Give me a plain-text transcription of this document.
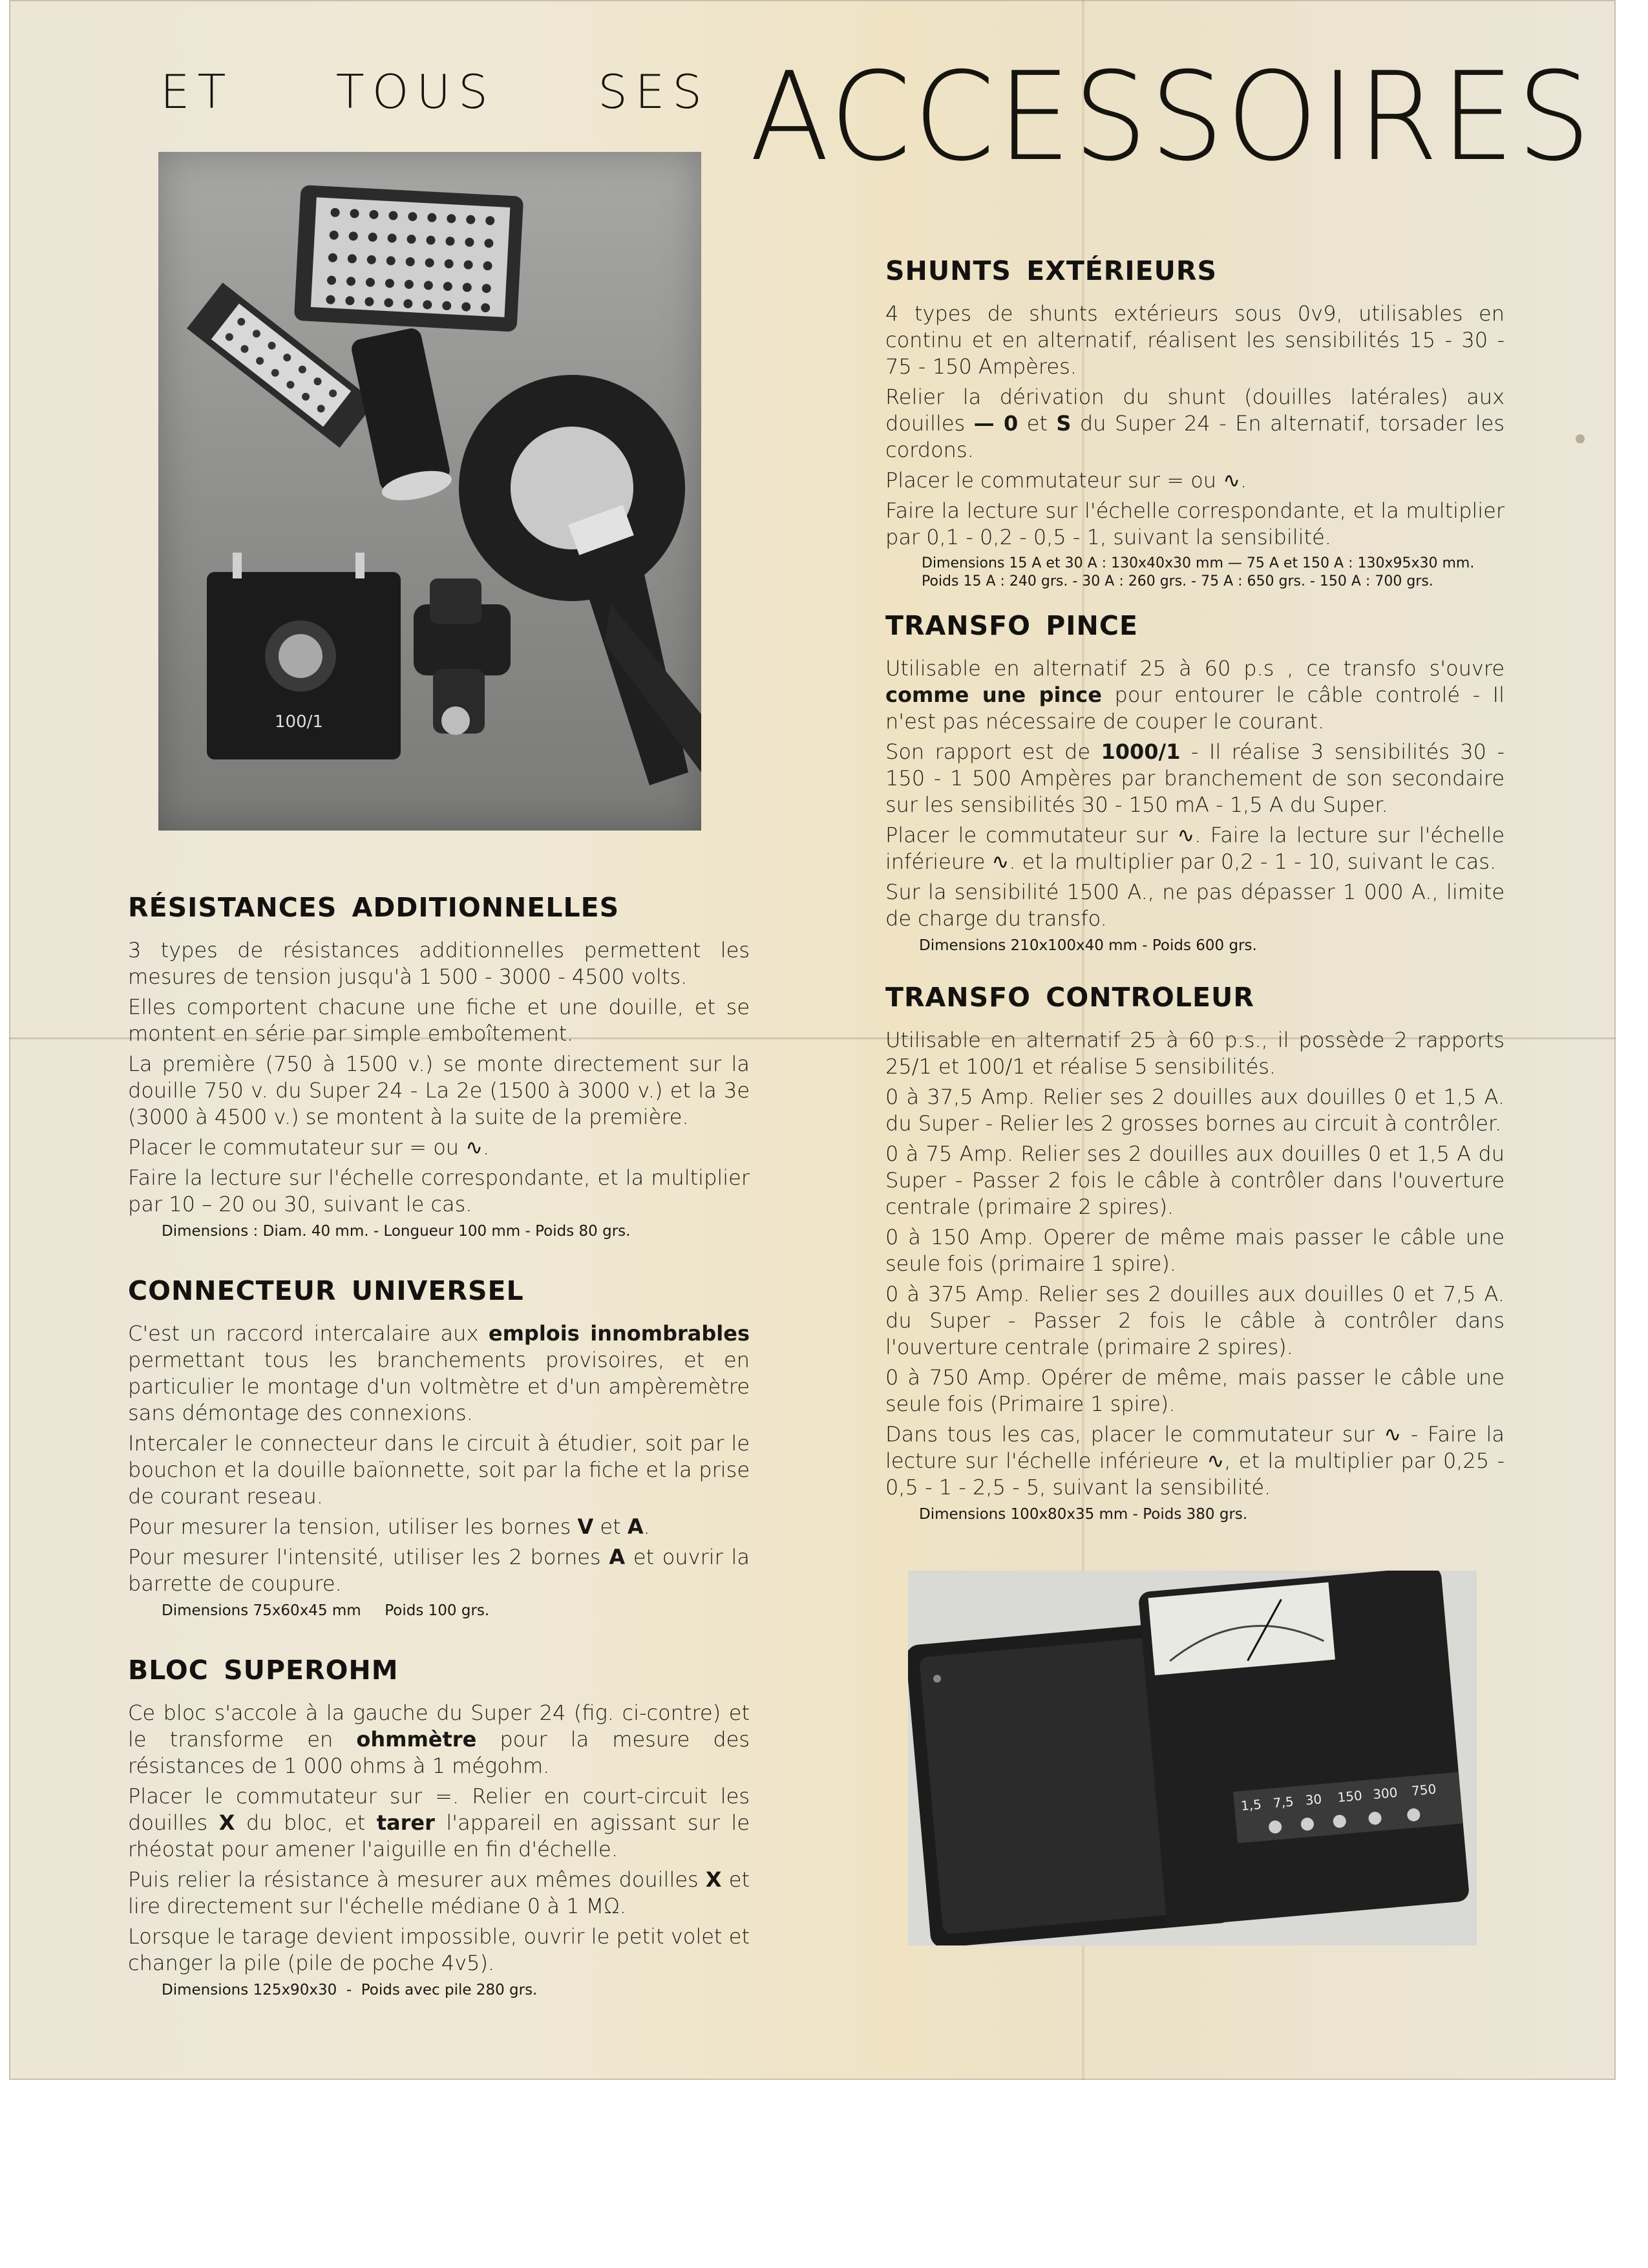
ET TOUS SES ACCESSOIRES
100/1
1,5 7,5 30 150 300 750
RÉSISTANCES ADDITIONNELLES

3 types de résistances additionnelles permettent les mesures de tension jusqu'à 1 500 - 3000 - 4500 volts.

Elles comportent chacune une fiche et une douille, et se montent en série par simple emboîtement.

La première (750 à 1500 v.) se monte directement sur la douille 750 v. du Super 24 - La 2e (1500 à 3000 v.) et la 3e (3000 à 4500 v.) se montent à la suite de la première.

Placer le commutateur sur = ou ∿.

Faire la lecture sur l'échelle correspondante, et la multiplier par 10 – 20 ou 30, suivant le cas.

Dimensions : Diam. 40 mm. - Longueur 100 mm - Poids 80 grs.
CONNECTEUR UNIVERSEL

C'est un raccord intercalaire aux emplois innombrables permettant tous les branchements provisoires, et en particulier le montage d'un voltmètre et d'un ampèremètre sans démontage des connexions.

Intercaler le connecteur dans le circuit à étudier, soit par le bouchon et la douille baïonnette, soit par la fiche et la prise de courant reseau.

Pour mesurer la tension, utiliser les bornes V et A.

Pour mesurer l'intensité, utiliser les 2 bornes A et ouvrir la barrette de coupure.

Dimensions 75x60x45 mm     Poids 100 grs.
BLOC SUPEROHM

Ce bloc s'accole à la gauche du Super 24 (fig. ci-contre) et le transforme en ohmmètre pour la mesure des résistances de 1 000 ohms à 1 mégohm.

Placer le commutateur sur =. Relier en court-circuit les douilles X du bloc, et tarer l'appareil en agissant sur le rhéostat pour amener l'aiguille en fin d'échelle.

Puis relier la résistance à mesurer aux mêmes douilles X et lire directement sur l'échelle médiane 0 à 1 MΩ.

Lorsque le tarage devient impossible, ouvrir le petit volet et changer la pile (pile de poche 4v5).

Dimensions 125x90x30  -  Poids avec pile 280 grs.
SHUNTS EXTÉRIEURS

4 types de shunts extérieurs sous 0v9, utilisables en continu et en alternatif, réalisent les sensibilités 15 - 30 - 75 - 150 Ampères.

Relier la dérivation du shunt (douilles latérales) aux douilles — 0 et S du Super 24 - En alternatif, torsader les cordons.

Placer le commutateur sur = ou ∿.

Faire la lecture sur l'échelle correspondante, et la multiplier par 0,1 - 0,2 - 0,5 - 1, suivant la sensibilité.

Dimensions 15 A et 30 A : 130x40x30 mm — 75 A et 150 A : 130x95x30 mm.
Poids 15 A : 240 grs. - 30 A : 260 grs. - 75 A : 650 grs. - 150 A : 700 grs.
TRANSFO PINCE

Utilisable en alternatif 25 à 60 p.s , ce transfo s'ouvre comme une pince pour entourer le câble controlé - Il n'est pas nécessaire de couper le courant.

Son rapport est de 1000/1 - Il réalise 3 sensibilités 30 - 150 - 1 500 Ampères par branchement de son secondaire sur les sensibilités 30 - 150 mA - 1,5 A du Super.

Placer le commutateur sur ∿. Faire la lecture sur l'échelle inférieure ∿. et la multiplier par 0,2 - 1 - 10, suivant le cas.

Sur la sensibilité 1500 A., ne pas dépasser 1 000 A., limite de charge du transfo.

Dimensions 210x100x40 mm - Poids 600 grs.
TRANSFO CONTROLEUR

Utilisable en alternatif 25 à 60 p.s., il possède 2 rapports 25/1 et 100/1 et réalise 5 sensibilités.

0 à 37,5 Amp. Relier ses 2 douilles aux douilles 0 et 1,5 A. du Super - Relier les 2 grosses bornes au circuit à contrôler.

0 à 75 Amp. Relier ses 2 douilles aux douilles 0 et 1,5 A du Super - Passer 2 fois le câble à contrôler dans l'ouverture centrale (primaire 2 spires).

0 à 150 Amp. Operer de même mais passer le câble une seule fois (primaire 1 spire).

0 à 375 Amp. Relier ses 2 douilles aux douilles 0 et 7,5 A. du Super - Passer 2 fois le câble à contrôler dans l'ouverture centrale (primaire 2 spires).

0 à 750 Amp. Opérer de même, mais passer le câble une seule fois (Primaire 1 spire).

Dans tous les cas, placer le commutateur sur ∿ - Faire la lecture sur l'échelle inférieure ∿, et la multiplier par 0,25 - 0,5 - 1 - 2,5 - 5, suivant la sensibilité.

Dimensions 100x80x35 mm - Poids 380 grs.
